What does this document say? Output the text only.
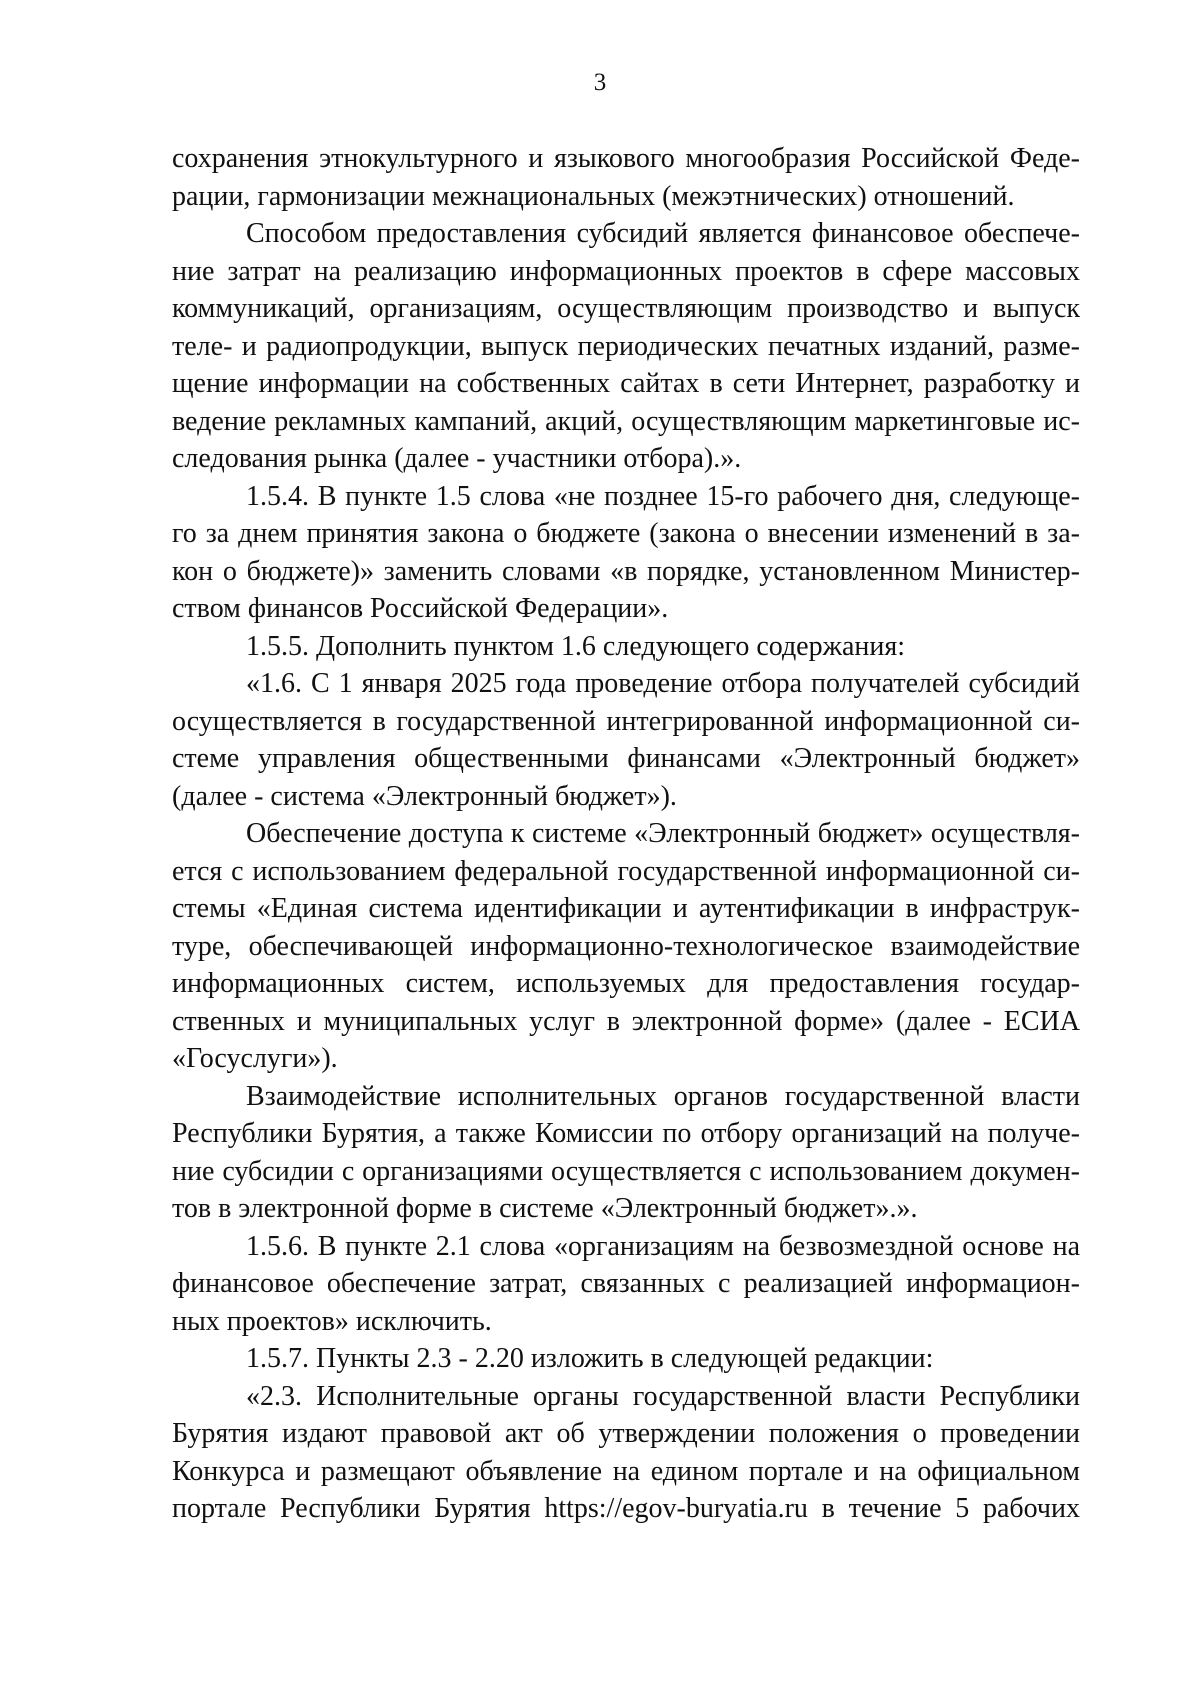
3
сохранения этнокультурного и языкового многообразия Российской Феде-
рации, гармонизации межнациональных (межэтнических) отношений.
Способом предоставления субсидий является финансовое обеспече-
ние затрат на реализацию информационных проектов в сфере массовых
коммуникаций, организациям, осуществляющим производство и выпуск
теле- и радиопродукции, выпуск периодических печатных изданий, разме-
щение информации на собственных сайтах в сети Интернет, разработку и
ведение рекламных кампаний, акций, осуществляющим маркетинговые ис-
следования рынка (далее - участники отбора).».
1.5.4. В пункте 1.5 слова «не позднее 15-го рабочего дня, следующе-
го за днем принятия закона о бюджете (закона о внесении изменений в за-
кон о бюджете)» заменить словами «в порядке, установленном Министер-
ством финансов Российской Федерации».
1.5.5. Дополнить пунктом 1.6 следующего содержания:
«1.6. С 1 января 2025 года проведение отбора получателей субсидий
осуществляется в государственной интегрированной информационной си-
стеме управления общественными финансами «Электронный бюджет»
(далее - система «Электронный бюджет»).
Обеспечение доступа к системе «Электронный бюджет» осуществля-
ется с использованием федеральной государственной информационной си-
стемы «Единая система идентификации и аутентификации в инфраструк-
туре, обеспечивающей информационно-технологическое взаимодействие
информационных систем, используемых для предоставления государ-
ственных и муниципальных услуг в электронной форме» (далее - ЕСИА
«Госуслуги»).
Взаимодействие исполнительных органов государственной власти
Республики Бурятия, а также Комиссии по отбору организаций на получе-
ние субсидии с организациями осуществляется с использованием докумен-
тов в электронной форме в системе «Электронный бюджет».».
1.5.6. В пункте 2.1 слова «организациям на безвозмездной основе на
финансовое обеспечение затрат, связанных с реализацией информацион-
ных проектов» исключить.
1.5.7. Пункты 2.3 - 2.20 изложить в следующей редакции:
«2.3. Исполнительные органы государственной власти Республики
Бурятия издают правовой акт об утверждении положения о проведении
Конкурса и размещают объявление на едином портале и на официальном
портале Республики Бурятия https://egov-buryatia.ru в течение 5 рабочих
